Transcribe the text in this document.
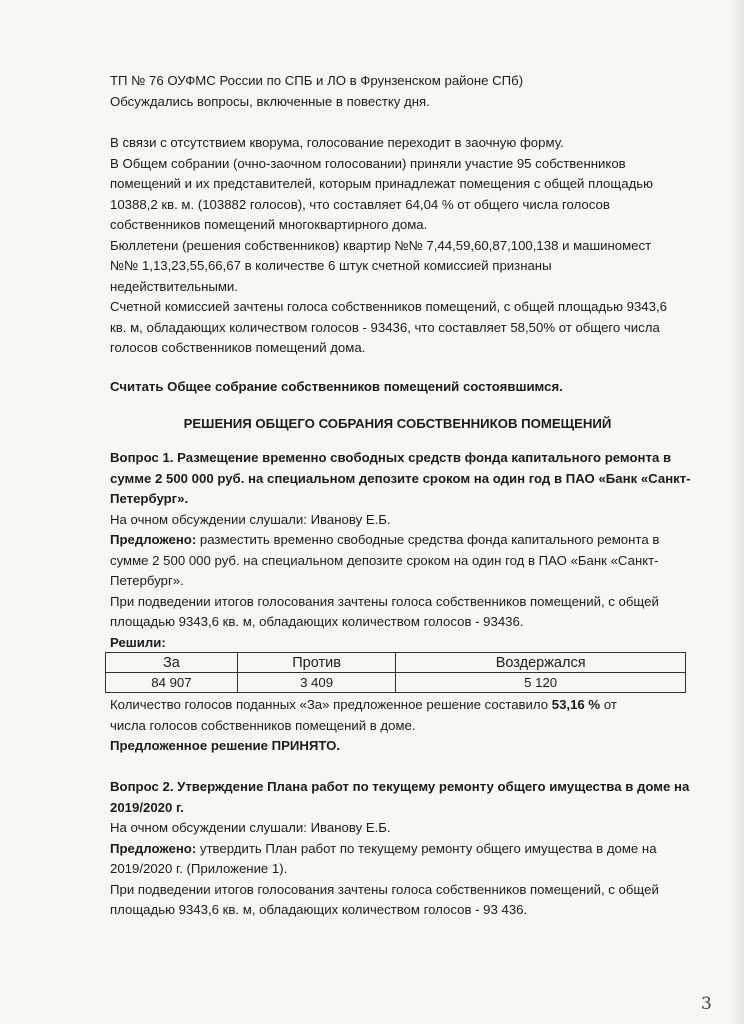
ТП № 76 ОУФМС России по СПБ и ЛО в Фрунзенском районе СПб)
Обсуждались вопросы, включенные в повестку дня.
В связи с отсутствием кворума, голосование переходит в заочную форму.
В Общем собрании (очно-заочном голосовании) приняли участие 95 собственников
помещений и их представителей, которым принадлежат помещения с общей площадью
10388,2 кв. м. (103882 голосов), что составляет 64,04 % от общего числа голосов
собственников помещений многоквартирного дома.
Бюллетени (решения собственников) квартир №№ 7,44,59,60,87,100,138 и машиномест
№№ 1,13,23,55,66,67 в количестве 6 штук счетной комиссией признаны
недействительными.
Счетной комиссией зачтены голоса собственников помещений, с общей площадью 9343,6
кв. м, обладающих количеством голосов - 93436, что составляет 58,50% от общего числа
голосов собственников помещений дома.
Считать Общее собрание собственников помещений состоявшимся.
РЕШЕНИЯ ОБЩЕГО СОБРАНИЯ СОБСТВЕННИКОВ ПОМЕЩЕНИЙ
Вопрос 1. Размещение временно свободных средств фонда капитального ремонта в
сумме 2 500 000 руб. на специальном депозите сроком на один год в ПАО «Банк «Санкт-
Петербург».
На очном обсуждении слушали: Иванову Е.Б.
Предложено: разместить временно свободные средства фонда капитального ремонта в
сумме 2 500 000 руб. на специальном депозите сроком на один год в ПАО «Банк «Санкт-
Петербург».
При подведении итогов голосования зачтены голоса собственников помещений, с общей
площадью 9343,6 кв. м, обладающих количеством голосов - 93436.
Решили:
За	Против	Воздержался
84 907	3 409	5 120
Количество голосов поданных «За» предложенное решение составило 53,16 % от
числа голосов собственников помещений в доме.
Предложенное решение ПРИНЯТО.
Вопрос 2. Утверждение Плана работ по текущему ремонту общего имущества в доме на
2019/2020 г.
На очном обсуждении слушали: Иванову Е.Б.
Предложено: утвердить План работ по текущему ремонту общего имущества в доме на
2019/2020 г. (Приложение 1).
При подведении итогов голосования зачтены голоса собственников помещений, с общей
площадью 9343,6 кв. м, обладающих количеством голосов - 93 436.
3
